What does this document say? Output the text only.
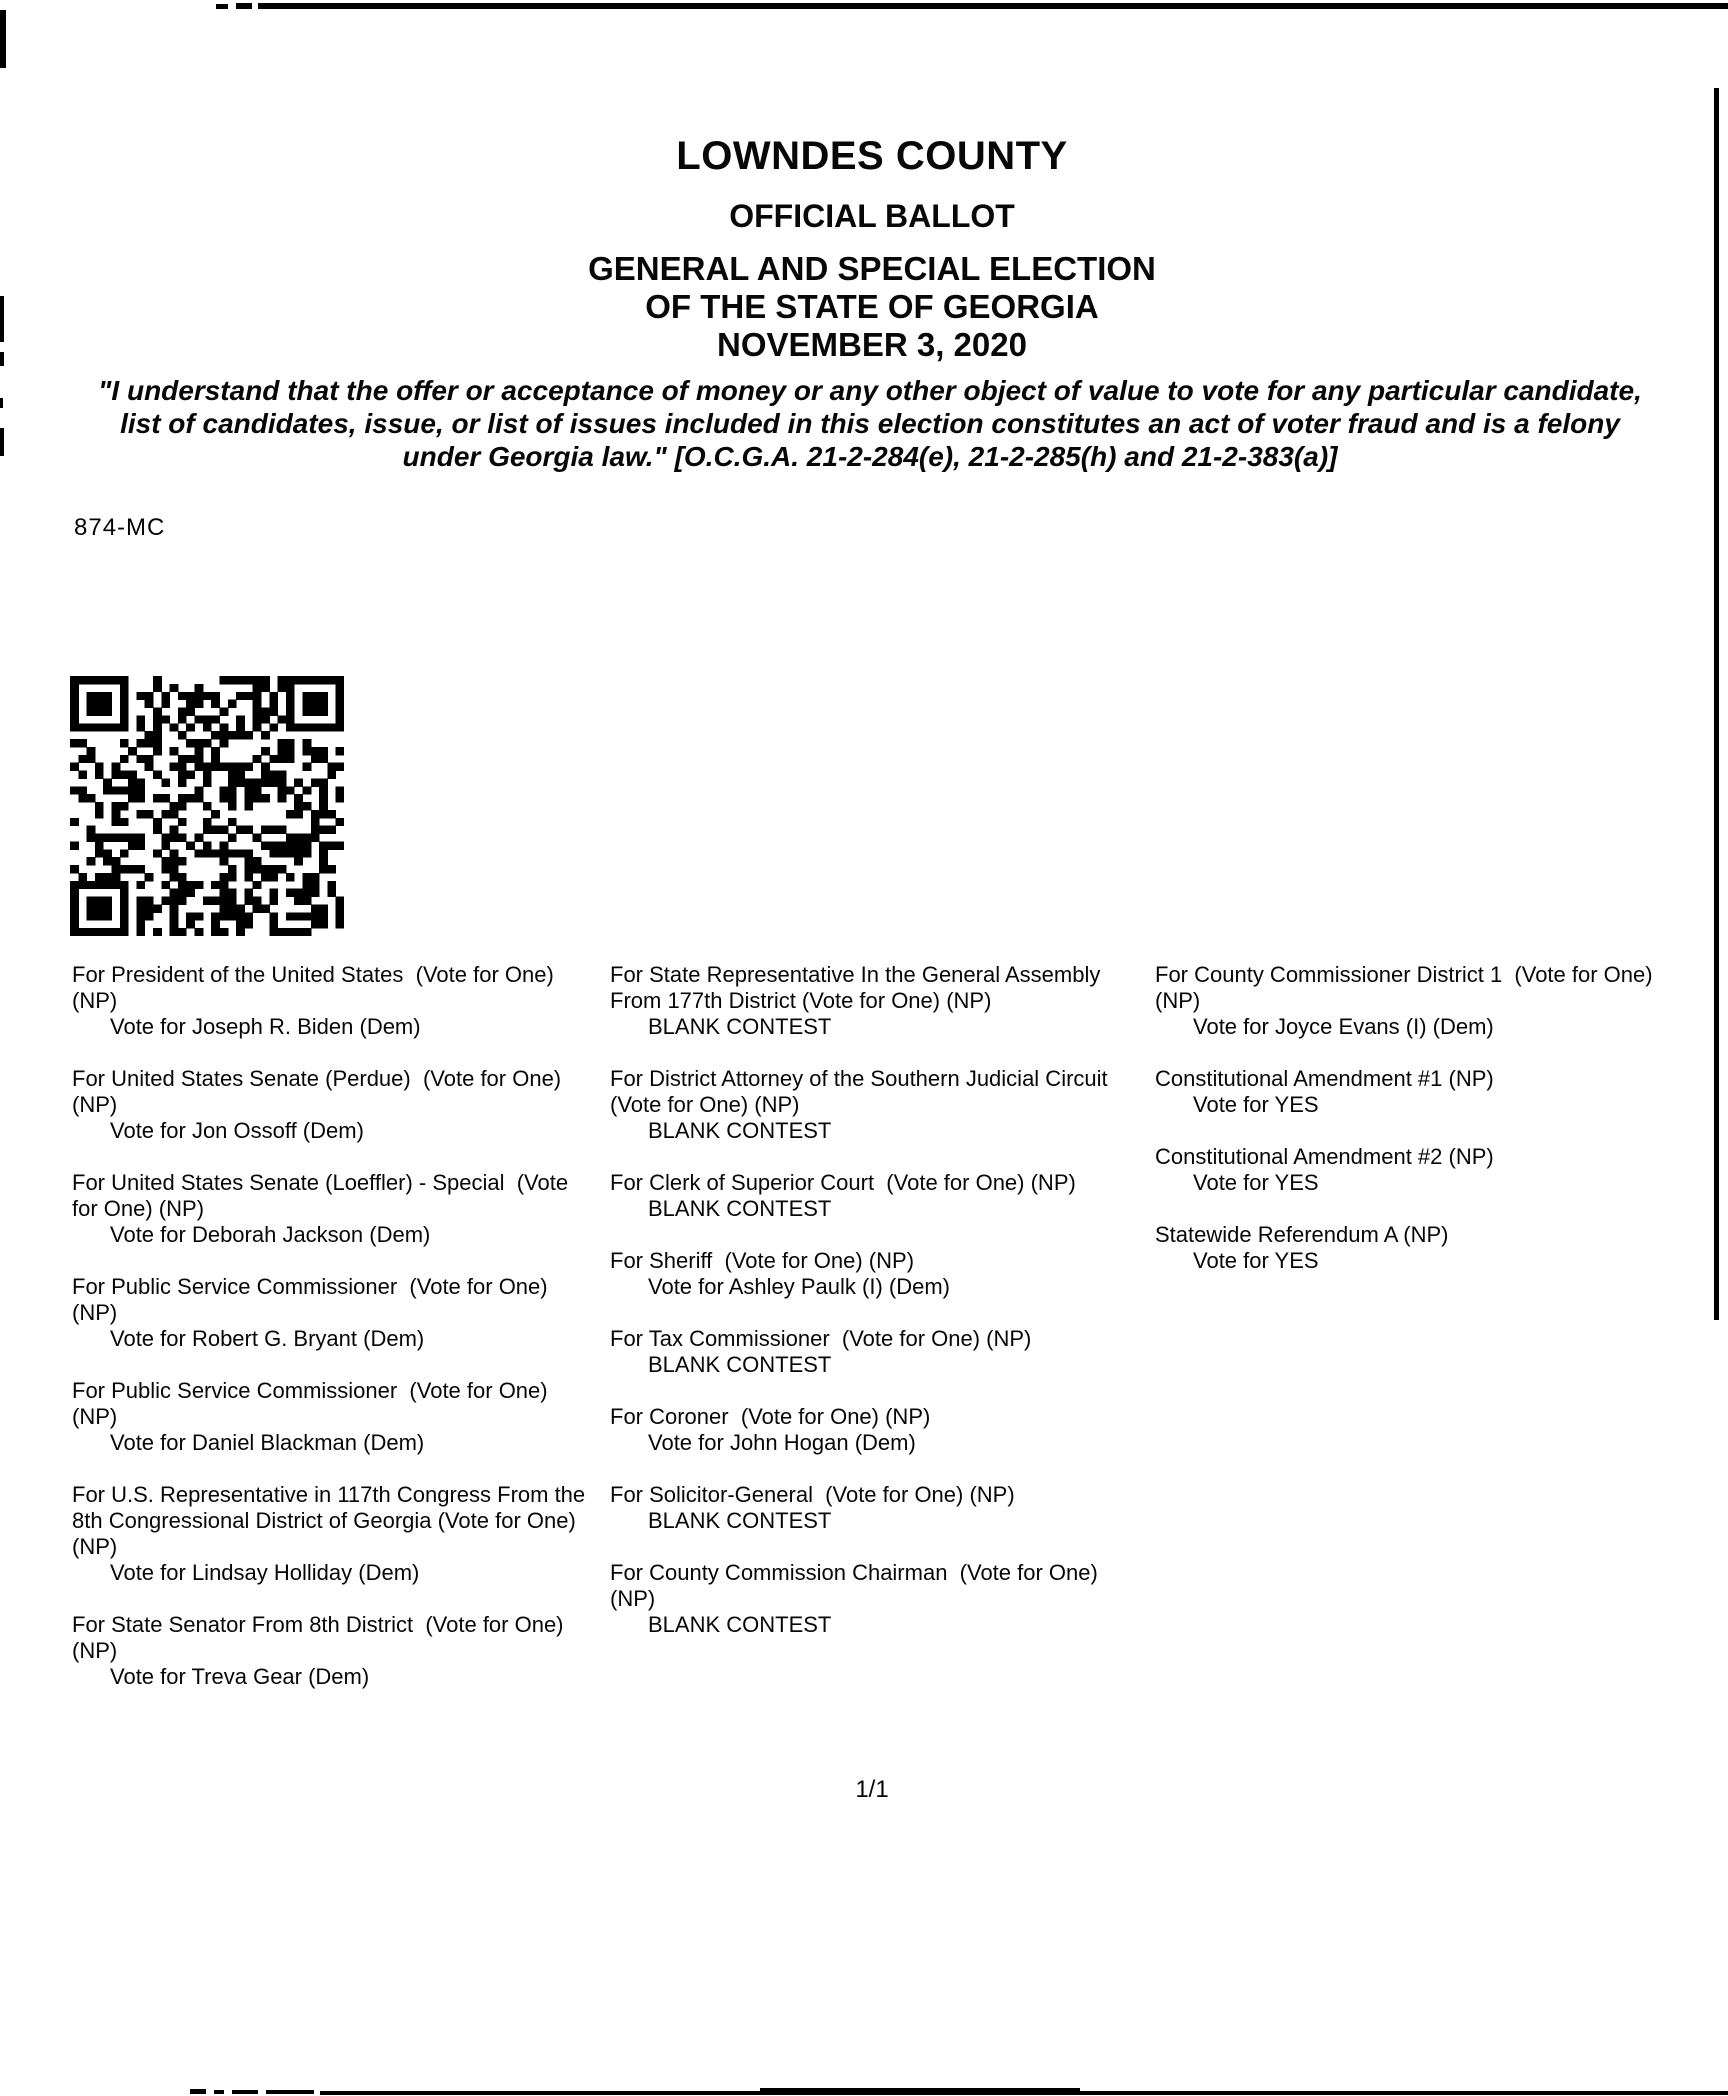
LOWNDES COUNTY
OFFICIAL BALLOT
GENERAL AND SPECIAL ELECTION
OF THE STATE OF GEORGIA
NOVEMBER 3, 2020
"I understand that the offer or acceptance of money or any other object of value to vote for any particular candidate,
list of candidates, issue, or list of issues included in this election constitutes an act of voter fraud and is a felony
under Georgia law." [O.C.G.A. 21-2-284(e), 21-2-285(h) and 21-2-383(a)]
874-MC

For President of the United States  (Vote for One) (NP)

Vote for Joseph R. Biden (Dem)

For United States Senate (Perdue)  (Vote for One) (NP)

Vote for Jon Ossoff (Dem)

For United States Senate (Loeffler) - Special  (Vote for One) (NP)

Vote for Deborah Jackson (Dem)

For Public Service Commissioner  (Vote for One) (NP)

Vote for Robert G. Bryant (Dem)

For Public Service Commissioner  (Vote for One) (NP)

Vote for Daniel Blackman (Dem)

For U.S. Representative in 117th Congress From the 8th Congressional District of Georgia (Vote for One) (NP)

Vote for Lindsay Holliday (Dem)

For State Senator From 8th District  (Vote for One) (NP)

Vote for Treva Gear (Dem)

For State Representative In the General Assembly From 177th District (Vote for One) (NP)

BLANK CONTEST

For District Attorney of the Southern Judicial Circuit  (Vote for One) (NP)

BLANK CONTEST

For Clerk of Superior Court  (Vote for One) (NP)

BLANK CONTEST

For Sheriff  (Vote for One) (NP)

Vote for Ashley Paulk (I) (Dem)

For Tax Commissioner  (Vote for One) (NP)

BLANK CONTEST

For Coroner  (Vote for One) (NP)

Vote for John Hogan (Dem)

For Solicitor-General  (Vote for One) (NP)

BLANK CONTEST

For County Commission Chairman  (Vote for One) (NP)

BLANK CONTEST

For County Commissioner District 1  (Vote for One) (NP)

Vote for Joyce Evans (I) (Dem)

Constitutional Amendment #1 (NP)

Vote for YES

Constitutional Amendment #2 (NP)

Vote for YES

Statewide Referendum A (NP)

Vote for YES

1/1
